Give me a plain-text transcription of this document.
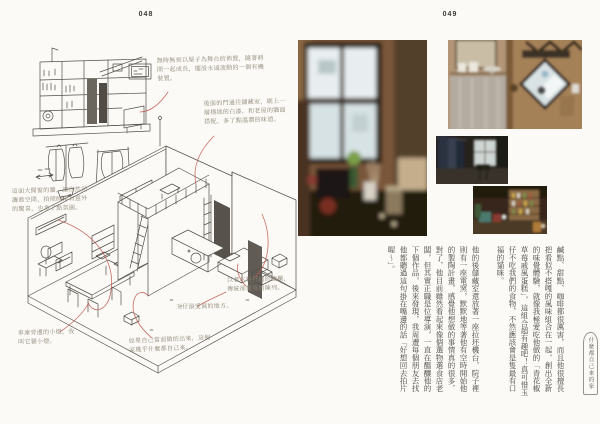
048	049
無時無刻以屋子為舞台的佈置，隨著時間一起成長，擺設永遠流動的一個有機裝置。
後面的門通往儲藏室，刷上一層樸拙的白漆，和老屋的牆面搭配，多了點溫潤的味道。
這面大開窗的牆，讓自然光灑進空間，拍照時常有意外的驚喜，也多了點氛圍。
以老木料打造的櫥櫃，傳統卻驚喜的陳列。
玉仔最愛窩的地方。
車庫旁邊的小燈，我叫它貓小燈。	如果自己當面做的出來，這個家幾乎什麼都自己來。	鹹點、甜點、咖啡都很厲害，而且他很擅長把看似不搭嘎的風味組合在一起，創出全新的味覺體驗，就像我極愛吃他做的「青花椒草莓戚風蛋糕」，這組合超有趣吧！真可惜玉仔不吃我們的食物，不然應該會是隻最有口福的貓咪。

他的後儲藏室還放著一座拉坯機台，院子裡則有一座電窯，默默地等著他有空時開始他的製陶計畫，感覺他想做的事情真的很多，對了，他目前雖然看起來像個選物選食店老闆，但其實正職是位導演，一直在醞釀他的下個作品，後來發現，我周遭每個朋友去找他都聽過這句掛在嘴邊的話「好想回去拍片喔～」。

什麼都自己來的家
